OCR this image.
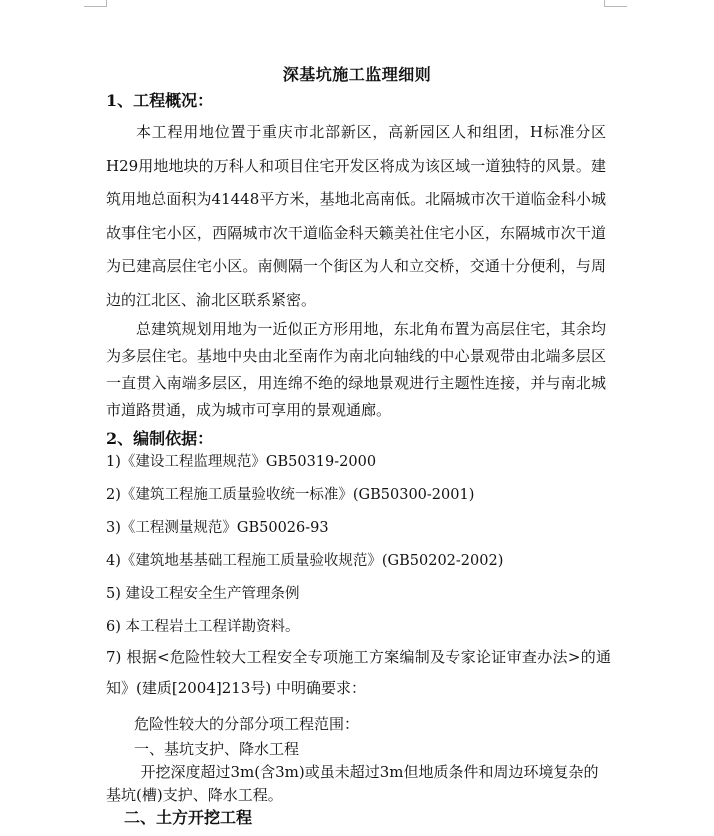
深基坑施工监理细则
1、工程概况：
本工程用地位置于重庆市北部新区，高新园区人和组团，H标准分区H29用地地块的万科人和项目住宅开发区将成为该区域一道独特的风景。建筑用地总面积为41448平方米，基地北高南低。北隔城市次干道临金科小城故事住宅小区，西隔城市次干道临金科天籁美社住宅小区，东隔城市次干道为已建高层住宅小区。南侧隔一个街区为人和立交桥，交通十分便利，与周边的江北区、渝北区联系紧密。
总建筑规划用地为一近似正方形用地，东北角布置为高层住宅，其余均为多层住宅。基地中央由北至南作为南北向轴线的中心景观带由北端多层区一直贯入南端多层区，用连绵不绝的绿地景观进行主题性连接，并与南北城市道路贯通，成为城市可享用的景观通廊。
2、编制依据：
1)《建设工程监理规范》GB50319-2000
2)《建筑工程施工质量验收统一标准》(GB50300-2001)
3)《工程测量规范》GB50026-93
4)《建筑地基基础工程施工质量验收规范》(GB50202-2002)
5) 建设工程安全生产管理条例
6) 本工程岩土工程详勘资料。
7) 根据<危险性较大工程安全专项施工方案编制及专家论证审查办法>的通知》(建质[2004]213号) 中明确要求：
危险性较大的分部分项工程范围：
一、基坑支护、降水工程
开挖深度超过3m(含3m)或虽未超过3m但地质条件和周边环境复杂的基坑(槽)支护、降水工程。
二、土方开挖工程
